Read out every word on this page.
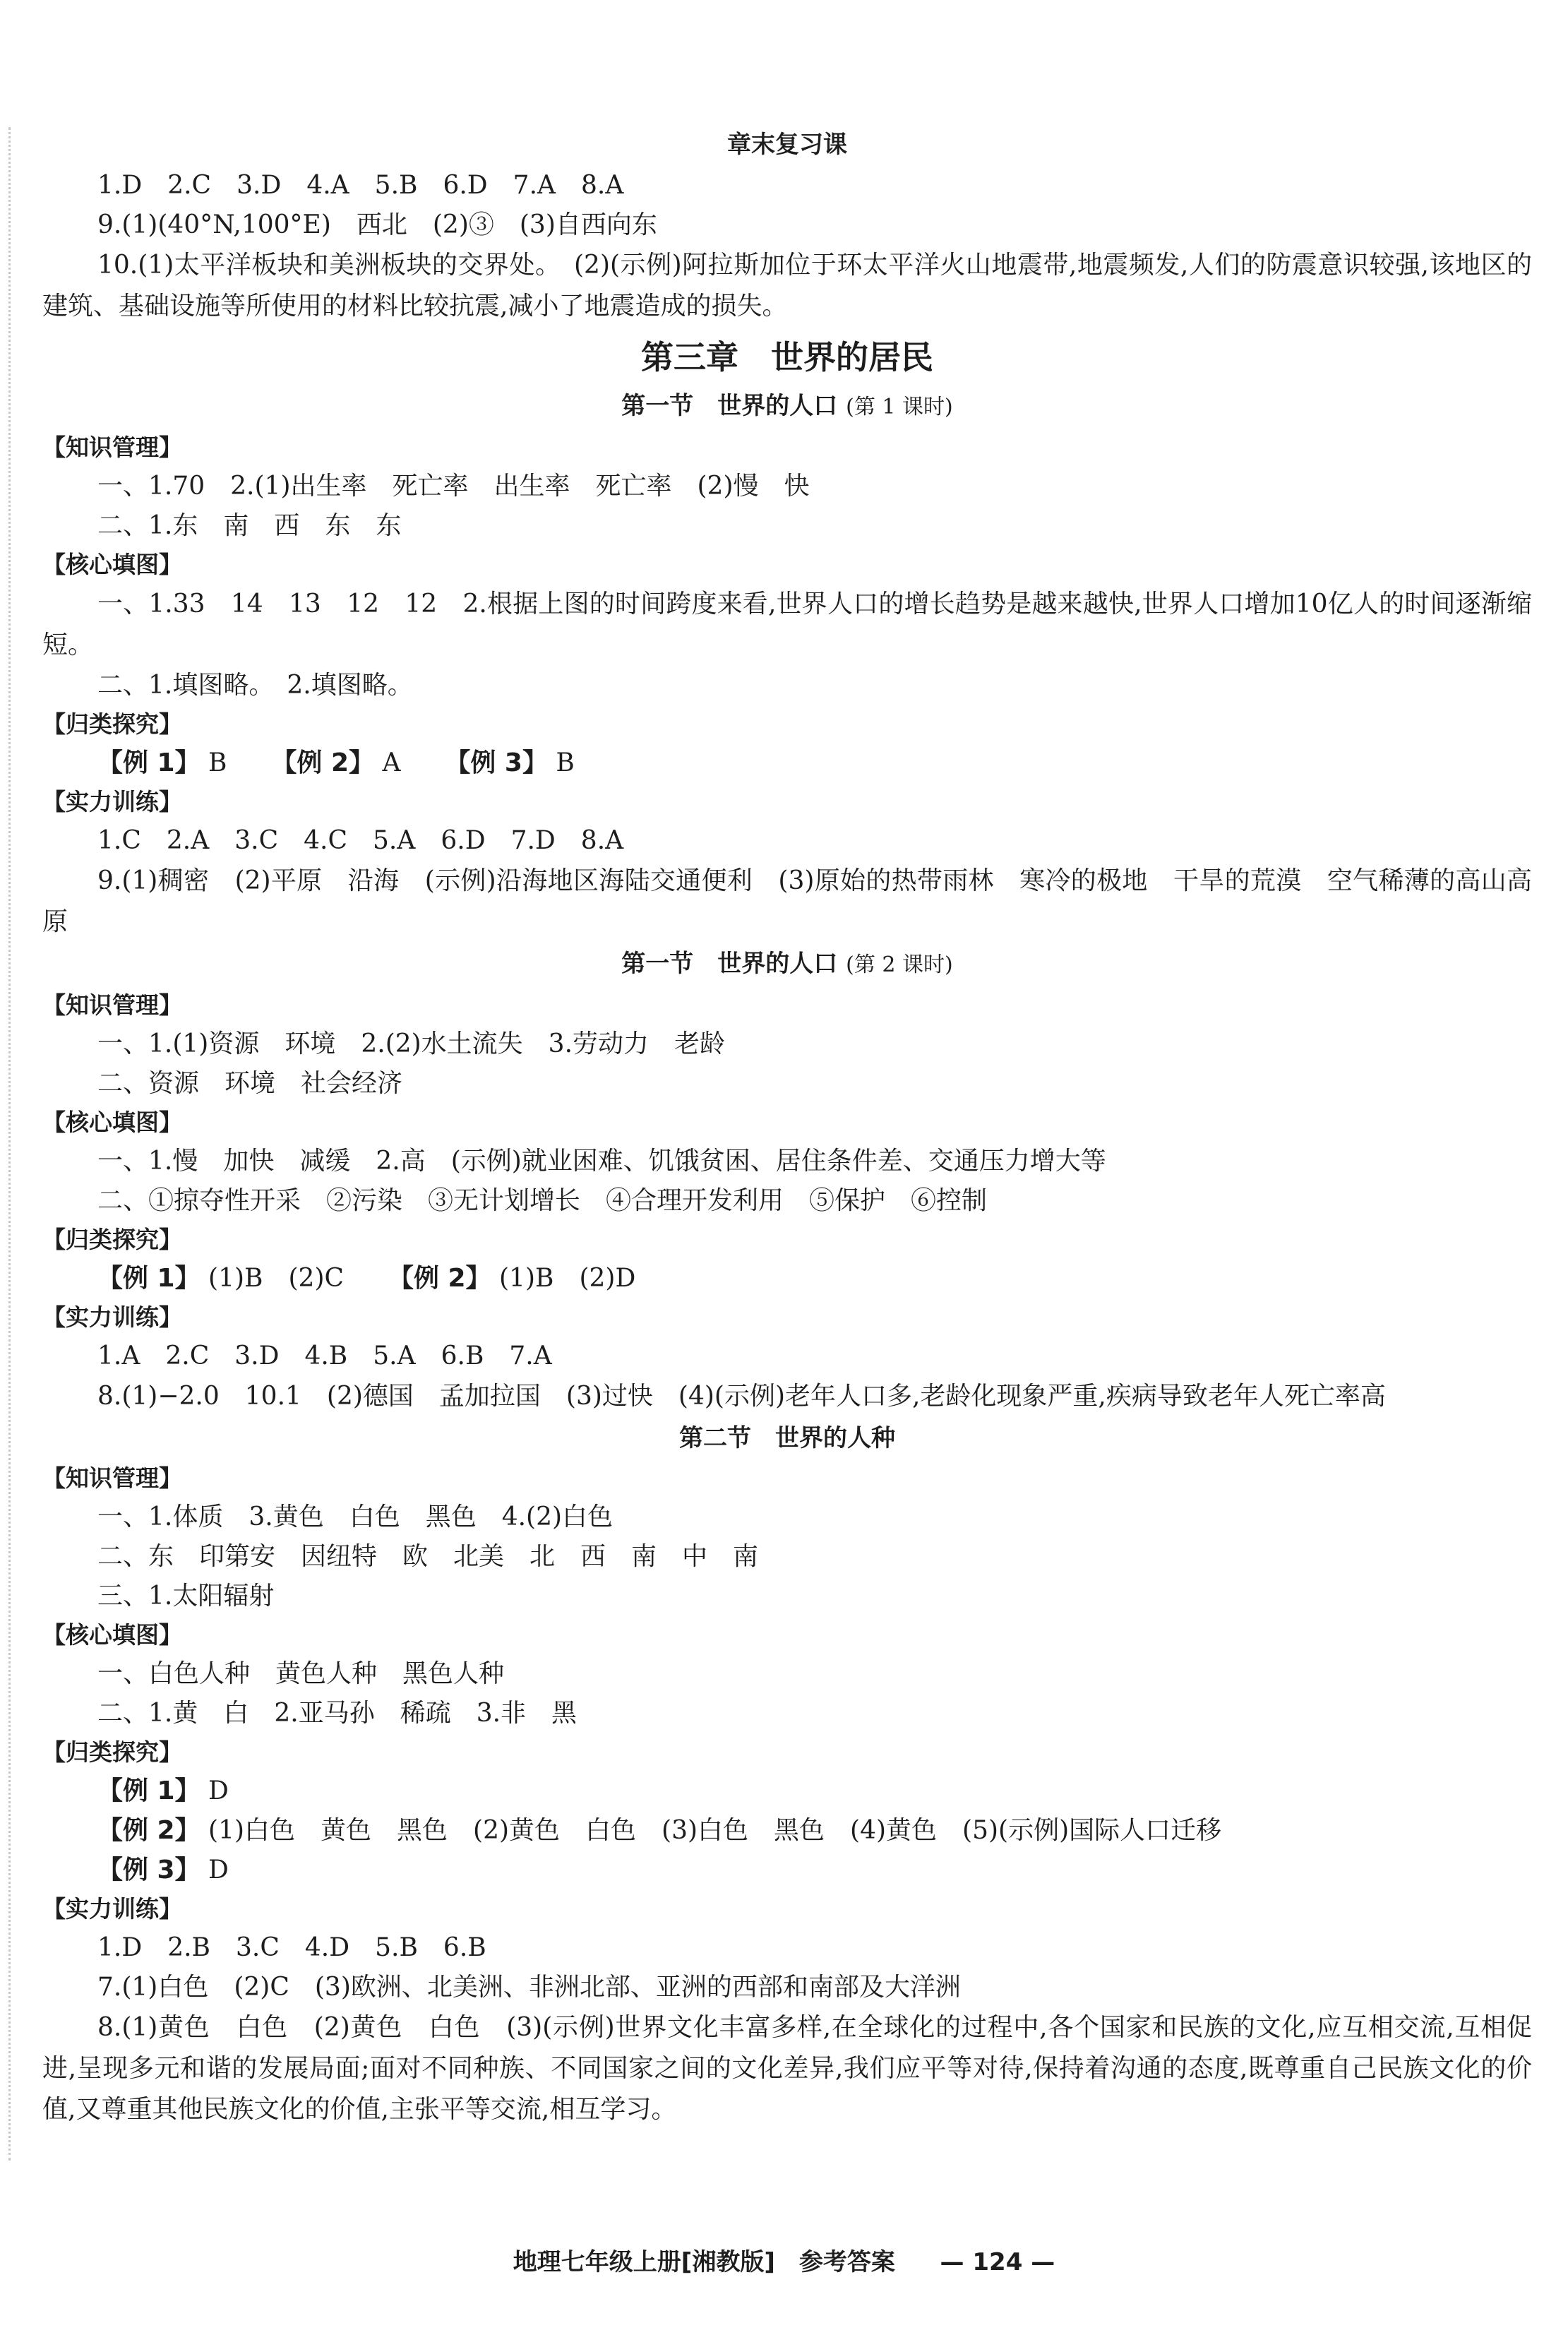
章末复习课
1.D　2.C　3.D　4.A　5.B　6.D　7.A　8.A
9.(1)(40°N,100°E)　西北　(2)③　(3)自西向东
10.(1)太平洋板块和美洲板块的交界处。　(2)(示例)阿拉斯加位于环太平洋火山地震带,地震频发,人们的防震意识较强,该地区的建筑、基础设施等所使用的材料比较抗震,减小了地震造成的损失。
第三章　世界的居民
第一节　世界的人口 (第 1 课时)
【知识管理】
一、1.70　2.(1)出生率　死亡率　出生率　死亡率　(2)慢　快
二、1.东　南　西　东　东
【核心填图】
一、1.33　14　13　12　12　2.根据上图的时间跨度来看,世界人口的增长趋势是越来越快,世界人口增加10亿人的时间逐渐缩短。
二、1.填图略。　2.填图略。
【归类探究】
【例 1】 B 【例 2】 A 【例 3】 B
【实力训练】
1.C　2.A　3.C　4.C　5.A　6.D　7.D　8.A
9.(1)稠密　(2)平原　沿海　(示例)沿海地区海陆交通便利　(3)原始的热带雨林　寒冷的极地　干旱的荒漠　空气稀薄的高山高原
第一节　世界的人口 (第 2 课时)
【知识管理】
一、1.(1)资源　环境　2.(2)水土流失　3.劳动力　老龄
二、资源　环境　社会经济
【核心填图】
一、1.慢　加快　减缓　2.高　(示例)就业困难、饥饿贫困、居住条件差、交通压力增大等
二、①掠夺性开采　②污染　③无计划增长　④合理开发利用　⑤保护　⑥控制
【归类探究】
【例 1】 (1)B　(2)C 【例 2】 (1)B　(2)D
【实力训练】
1.A　2.C　3.D　4.B　5.A　6.B　7.A
8.(1)−2.0　10.1　(2)德国　孟加拉国　(3)过快　(4)(示例)老年人口多,老龄化现象严重,疾病导致老年人死亡率高
第二节　世界的人种
【知识管理】
一、1.体质　3.黄色　白色　黑色　4.(2)白色
二、东　印第安　因纽特　欧　北美　北　西　南　中　南
三、1.太阳辐射
【核心填图】
一、白色人种　黄色人种　黑色人种
二、1.黄　白　2.亚马孙　稀疏　3.非　黑
【归类探究】
【例 1】 D
【例 2】 (1)白色　黄色　黑色　(2)黄色　白色　(3)白色　黑色　(4)黄色　(5)(示例)国际人口迁移
【例 3】 D
【实力训练】
1.D　2.B　3.C　4.D　5.B　6.B
7.(1)白色　(2)C　(3)欧洲、北美洲、非洲北部、亚洲的西部和南部及大洋洲
8.(1)黄色　白色　(2)黄色　白色　(3)(示例)世界文化丰富多样,在全球化的过程中,各个国家和民族的文化,应互相交流,互相促进,呈现多元和谐的发展局面;面对不同种族、不同国家之间的文化差异,我们应平等对待,保持着沟通的态度,既尊重自己民族文化的价值,又尊重其他民族文化的价值,主张平等交流,相互学习。
地理七年级上册[湘教版]　参考答案 — 124 —
